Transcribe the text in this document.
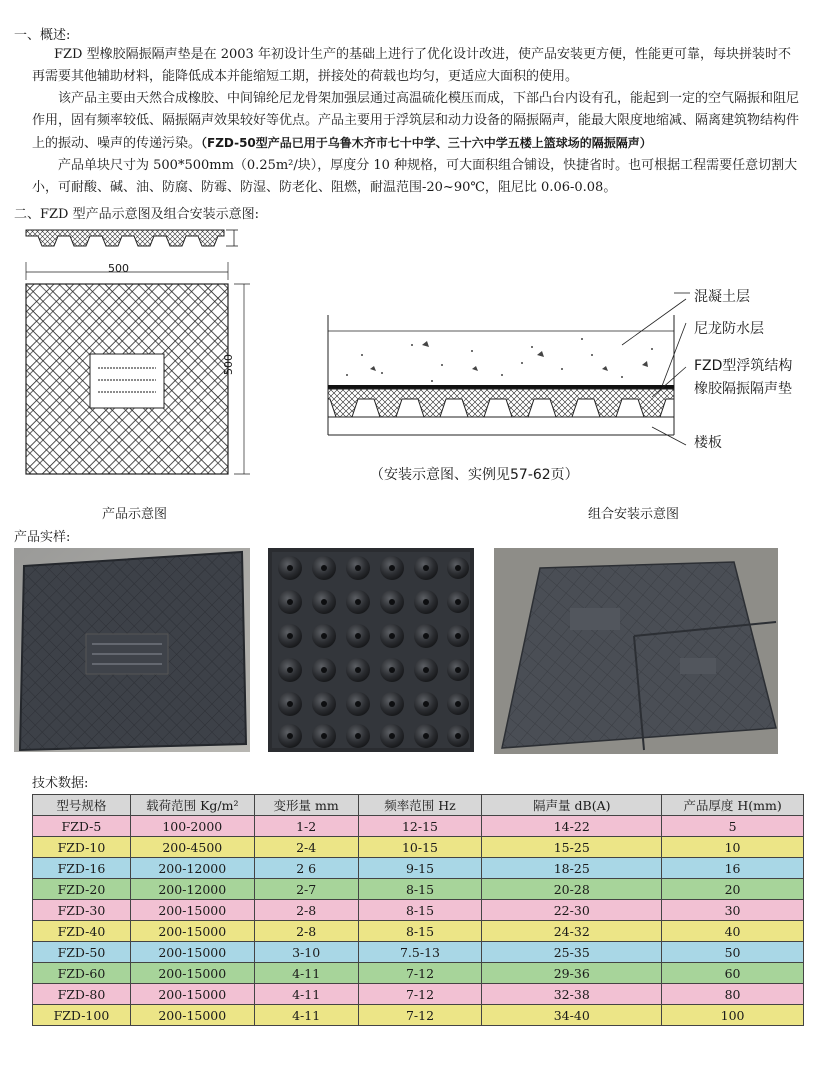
一、概述:

FZD 型橡胶隔振隔声垫是在 2003 年初设计生产的基础上进行了优化设计改进，使产品安装更方便，性能更可靠，每块拼装时不再需要其他辅助材料，能降低成本并能缩短工期，拼接处的荷载也均匀，更适应大面积的使用。

该产品主要由天然合成橡胶、中间锦纶尼龙骨架加强层通过高温硫化模压而成，下部凸台内设有孔，能起到一定的空气隔振和阻尼作用，固有频率较低、隔振隔声效果较好等优点。产品主要用于浮筑层和动力设备的隔振隔声，能最大限度地缩减、隔离建筑物结构件上的振动、噪声的传递污染。（FZD-50型产品已用于乌鲁木齐市七十中学、三十六中学五楼上篮球场的隔振隔声）

产品单块尺寸为 500*500mm（0.25m²/块），厚度分 10 种规格，可大面积组合铺设，快捷省时。也可根据工程需要任意切割大小，可耐酸、碱、油、防腐、防霉、防湿、防老化、阻燃，耐温范围-20~90℃，阻尼比 0.06-0.08。

二、FZD 型产品示意图及组合安装示意图:
500
500
混凝土层
尼龙防水层
FZD型浮筑结构
橡胶隔振隔声垫
楼板
（安装示意图、实例见57-62页）
产品示意图	组合安装示意图
产品实样:
技术数据:
型号规格	载荷范围 Kg/m²	变形量 mm	频率范围 Hz	隔声量 dB(A)	产品厚度 H(mm)
FZD-5	100-2000	1-2	12-15	14-22	5
FZD-10	200-4500	2-4	10-15	15-25	10
FZD-16	200-12000	2 6	9-15	18-25	16
FZD-20	200-12000	2-7	8-15	20-28	20
FZD-30	200-15000	2-8	8-15	22-30	30
FZD-40	200-15000	2-8	8-15	24-32	40
FZD-50	200-15000	3-10	7.5-13	25-35	50
FZD-60	200-15000	4-11	7-12	29-36	60
FZD-80	200-15000	4-11	7-12	32-38	80
FZD-100	200-15000	4-11	7-12	34-40	100
